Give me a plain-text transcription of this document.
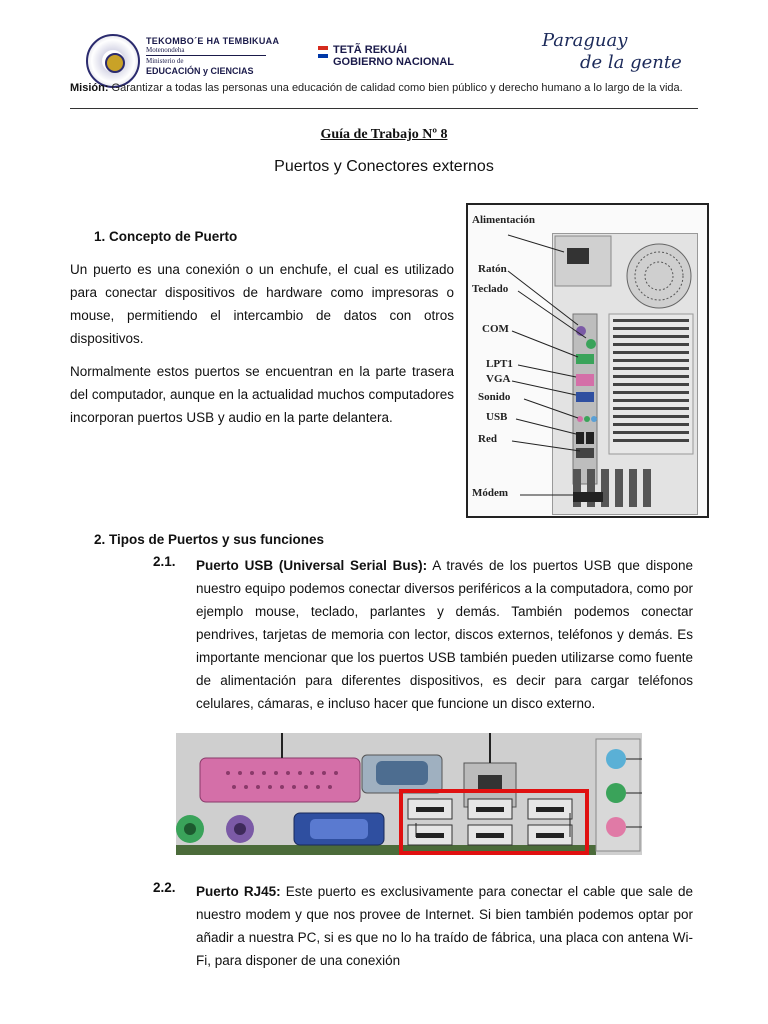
TEKOMBO´E HA TEMBIKUAA
Motenondeha
Ministerio de
EDUCACIÓN y CIENCIAS
TETÃ REKUÁI
GOBIERNO NACIONAL
Paraguay
de la gente
Misión: Garantizar a todas las personas una educación de calidad como bien público y derecho humano a lo largo de la vida.
Guía de Trabajo Nº 8
Puertos y Conectores externos
1. Concepto de Puerto
Un puerto es una conexión o un enchufe, el cual es utilizado para conectar dispositivos de hardware como impresoras o mouse, permitiendo el intercambio de datos con otros dispositivos.
Normalmente estos puertos se encuentran en la parte trasera del computador, aunque en la actualidad muchos computadores incorporan puertos USB y audio en la parte delantera.
Alimentación
Ratón
Teclado
COM
LPT1
VGA
Sonido
USB
Red
Módem
2. Tipos de Puertos y sus funciones
2.1. Puerto USB (Universal Serial Bus): A través de los puertos USB que dispone nuestro equipo podemos conectar diversos periféricos a la computadora, como por ejemplo mouse, teclado, parlantes y demás. También podemos conectar pendrives, tarjetas de memoria con lector, discos externos, teléfonos y demás. Es importante mencionar que los puertos USB también pueden utilizarse como fuente de alimentación para diferentes dispositivos, es decir para cargar teléfonos celulares, cámaras, e incluso hacer que funcione un disco externo.
2.2. Puerto RJ45: Este puerto es exclusivamente para conectar el cable que sale de nuestro modem y que nos provee de Internet. Si bien también podemos optar por añadir a nuestra PC, si es que no lo ha traído de fábrica, una placa con antena Wi-Fi, para disponer de una conexión
